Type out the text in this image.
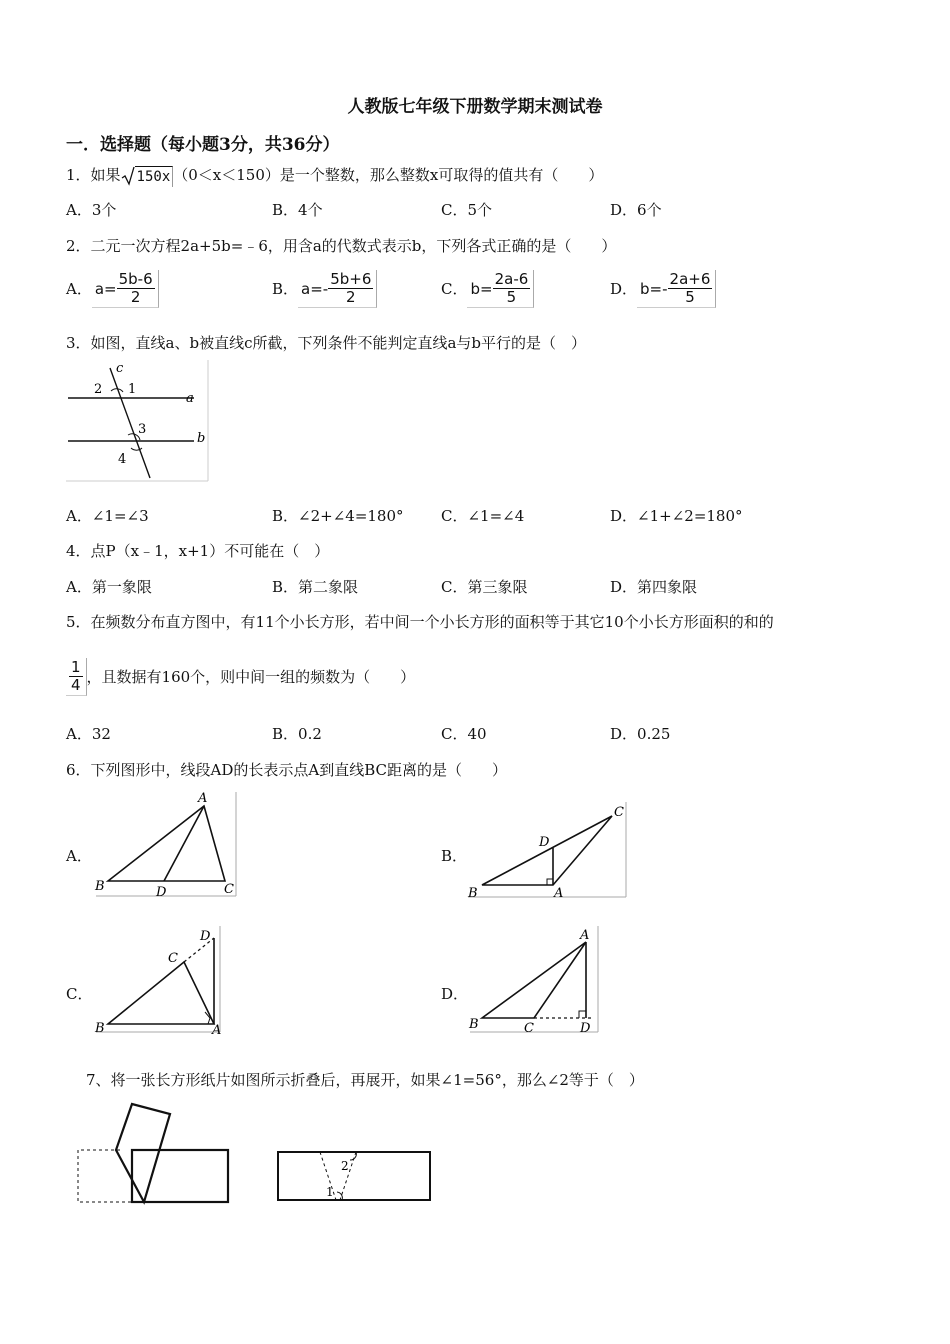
人教版七年级下册数学期末测试卷
一．选择题（每小题3分，共36分）
1．如果 150x （0＜x＜150）是一个整数，那么整数x可取得的值共有（　　）
A．3个	B．4个	C．5个	D．6个
2．二元一次方程2a+5b=﹣6，用含a的代数式表示b，下列各式正确的是（　　）
A． $a= \frac{5b-6}{2}$	B． $a=- \frac{5b+6}{2}$	C． $b= \frac{2a-6}{5}$	D． $b=- \frac{2a+6}{5}$
3．如图，直线a、b被直线c所截，下列条件不能判定直线a与b平行的是（　）
c
a
b
2 1
3
4
A．∠1=∠3	B．∠2+∠4=180° C．∠1=∠4	D．∠1+∠2=180°
4．点P（x﹣1，x+1）不可能在（　）
A．第一象限	B．第二象限	C．第三象限	D．第四象限
5．在频数分布直方图中，有11个小长方形，若中间一个小长方形的面积等于其它10个小长方形面积的和的
$\frac{1}{4}$ ，且数据有160个，则中间一组的频数为（　　）
A．32	B．0.2	C．40	D．0.25
6．下列图形中，线段AD的长表示点A到直线BC距离的是（　　）
A．
A
B	C
D
B．
D
B	A
C
C．
B	A
C
D
D．
A
B	C	D
7、将一张长方形纸片如图所示折叠后，再展开，如果∠1=56°，那么∠2等于（　）
1
2
